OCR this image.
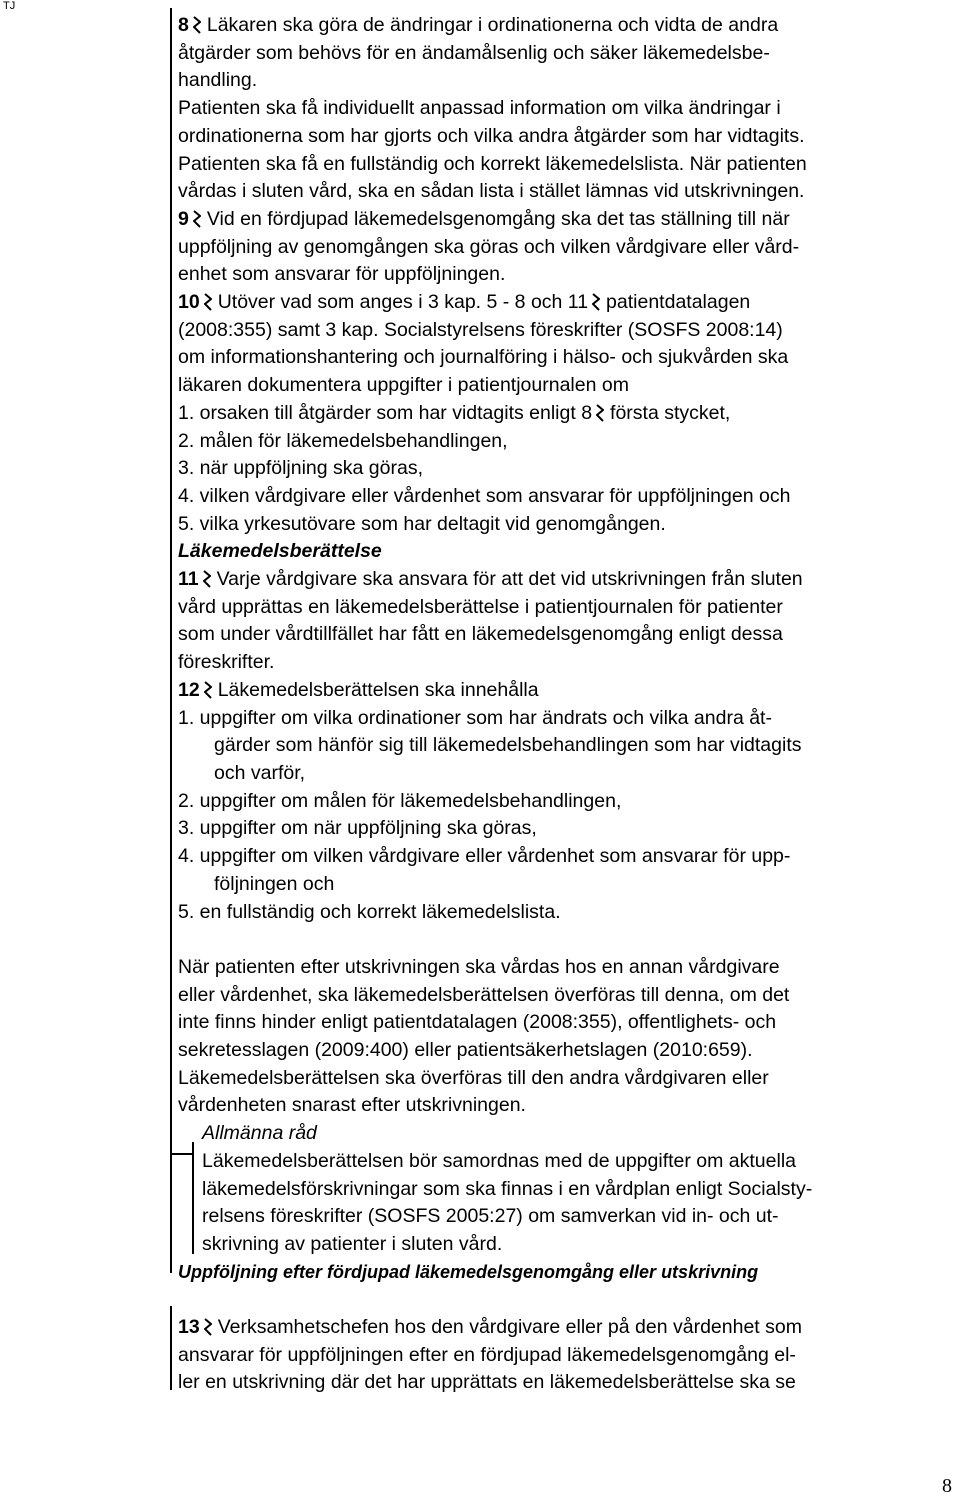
TJ

8 Läkaren ska göra de ändringar i ordinationerna och vidta de andra

åtgärder som behövs för en ändamålsenlig och säker läkemedelsbe-

handling.

Patienten ska få individuellt anpassad information om vilka ändringar i

ordinationerna som har gjorts och vilka andra åtgärder som har vidtagits.

Patienten ska få en fullständig och korrekt läkemedelslista. När patienten

vårdas i sluten vård, ska en sådan lista i stället lämnas vid utskrivningen.

9 Vid en fördjupad läkemedelsgenomgång ska det tas ställning till när

uppföljning av genomgången ska göras och vilken vårdgivare eller vård-

enhet som ansvarar för uppföljningen.

10 Utöver vad som anges i 3 kap. 5 - 8 och 11 patientdatalagen

(2008:355) samt 3 kap. Socialstyrelsens föreskrifter (SOSFS 2008:14)

om informationshantering och journalföring i hälso- och sjukvården ska

läkaren dokumentera uppgifter i patientjournalen om

1. orsaken till åtgärder som har vidtagits enligt 8 första stycket,

2. målen för läkemedelsbehandlingen,

3. när uppföljning ska göras,

4. vilken vårdgivare eller vårdenhet som ansvarar för uppföljningen och

5. vilka yrkesutövare som har deltagit vid genomgången.

Läkemedelsberättelse

11 Varje vårdgivare ska ansvara för att det vid utskrivningen från sluten

vård upprättas en läkemedelsberättelse i patientjournalen för patienter

som under vårdtillfället har fått en läkemedelsgenomgång enligt dessa

föreskrifter.

12 Läkemedelsberättelsen ska innehålla

1. uppgifter om vilka ordinationer som har ändrats och vilka andra åt-

gärder som hänför sig till läkemedelsbehandlingen som har vidtagits

och varför,

2. uppgifter om målen för läkemedelsbehandlingen,

3. uppgifter om när uppföljning ska göras,

4. uppgifter om vilken vårdgivare eller vårdenhet som ansvarar för upp-

följningen och

5. en fullständig och korrekt läkemedelslista.

När patienten efter utskrivningen ska vårdas hos en annan vårdgivare

eller vårdenhet, ska läkemedelsberättelsen överföras till denna, om det

inte finns hinder enligt patientdatalagen (2008:355), offentlighets- och

sekretesslagen (2009:400) eller patientsäkerhetslagen (2010:659).

Läkemedelsberättelsen ska överföras till den andra vårdgivaren eller

vårdenheten snarast efter utskrivningen.

Allmänna råd

Läkemedelsberättelsen bör samordnas med de uppgifter om aktuella

läkemedelsförskrivningar som ska finnas i en vårdplan enligt Socialsty-

relsens föreskrifter (SOSFS 2005:27) om samverkan vid in- och ut-

skrivning av patienter i sluten vård.

Uppföljning efter fördjupad läkemedelsgenomgång eller utskrivning

13 Verksamhetschefen hos den vårdgivare eller på den vårdenhet som

ansvarar för uppföljningen efter en fördjupad läkemedelsgenomgång el-

ler en utskrivning där det har upprättats en läkemedelsberättelse ska se

8
